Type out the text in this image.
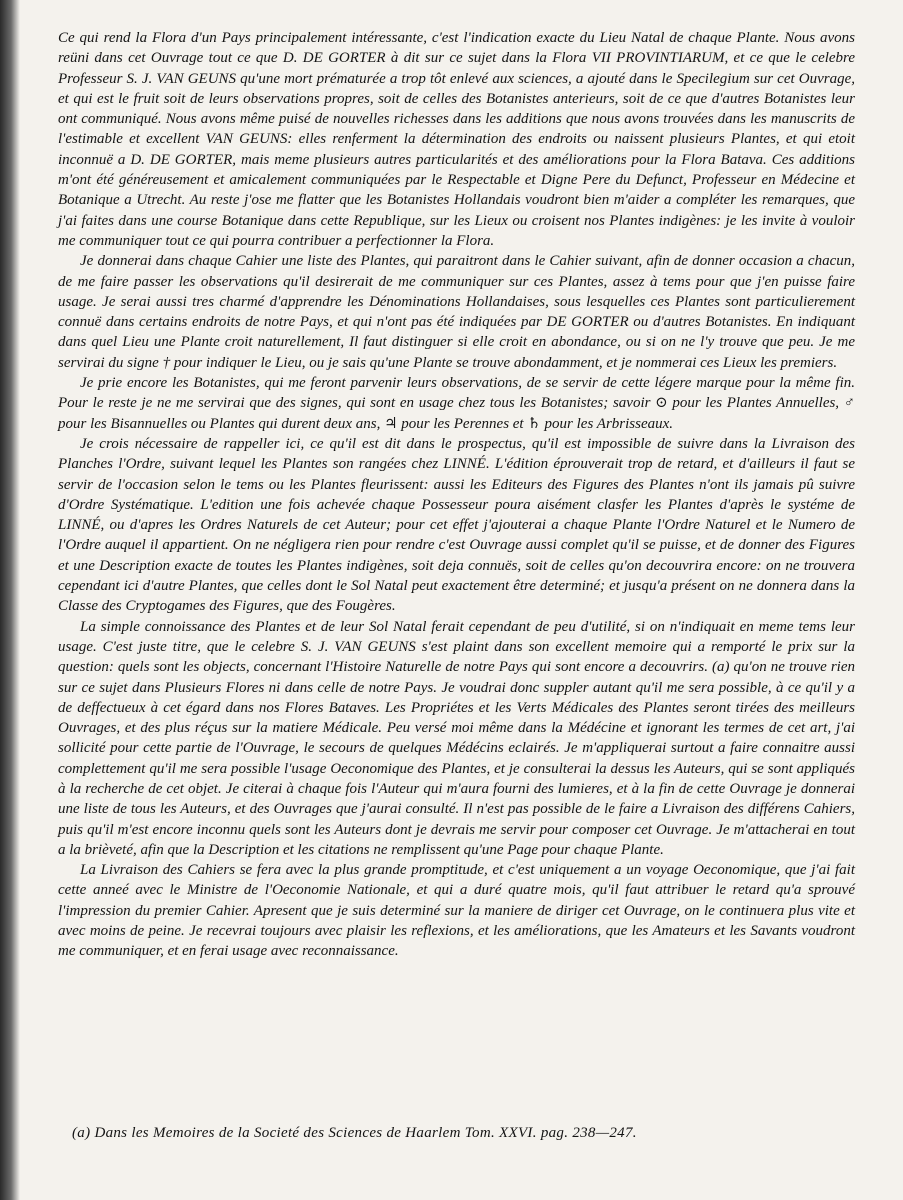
Ce qui rend la Flora d'un Pays principalement intéressante, c'est l'indication exacte du Lieu Natal de chaque Plante. Nous avons reüni dans cet Ouvrage tout ce que D. DE GORTER à dit sur ce sujet dans la Flora VII PROVINTIARUM, et ce que le celebre Professeur S. J. VAN GEUNS qu'une mort prématurée a trop tôt enlevé aux sciences, a ajouté dans le Specilegium sur cet Ouvrage, et qui est le fruit soit de leurs observations propres, soit de celles des Botanistes anterieurs, soit de ce que d'autres Botanistes leur ont communiqué. Nous avons même puisé de nouvelles richesses dans les additions que nous avons trouvées dans les manuscrits de l'estimable et excellent VAN GEUNS: elles renferment la détermination des endroits ou naissent plusieurs Plantes, et qui etoit inconnuë a D. DE GORTER, mais meme plusieurs autres particularités et des améliorations pour la Flora Batava. Ces additions m'ont été généreusement et amicalement communiquées par le Respectable et Digne Pere du Defunct, Professeur en Médecine et Botanique a Utrecht. Au reste j'ose me flatter que les Botanistes Hollandais voudront bien m'aider a compléter les remarques, que j'ai faites dans une course Botanique dans cette Republique, sur les Lieux ou croisent nos Plantes indigènes: je les invite à vouloir me communiquer tout ce qui pourra contribuer a perfectionner la Flora.

Je donnerai dans chaque Cahier une liste des Plantes, qui paraitront dans le Cahier suivant, afin de donner occasion a chacun, de me faire passer les observations qu'il desirerait de me communiquer sur ces Plantes, assez à tems pour que j'en puisse faire usage. Je serai aussi tres charmé d'apprendre les Dénominations Hollandaises, sous lesquelles ces Plantes sont particulierement connuë dans certains endroits de notre Pays, et qui n'ont pas été indiquées par DE GORTER ou d'autres Botanistes. En indiquant dans quel Lieu une Plante croit naturellement, Il faut distinguer si elle croit en abondance, ou si on ne l'y trouve que peu. Je me servirai du signe † pour indiquer le Lieu, ou je sais qu'une Plante se trouve abondamment, et je nommerai ces Lieux les premiers.

Je prie encore les Botanistes, qui me feront parvenir leurs observations, de se servir de cette légere marque pour la même fin. Pour le reste je ne me servirai que des signes, qui sont en usage chez tous les Botanistes; savoir ⊙ pour les Plantes Annuelles, ♂ pour les Bisannuelles ou Plantes qui durent deux ans, ♃ pour les Perennes et ♄ pour les Arbrisseaux.

Je crois nécessaire de rappeller ici, ce qu'il est dit dans le prospectus, qu'il est impossible de suivre dans la Livraison des Planches l'Ordre, suivant lequel les Plantes son rangées chez LINNÉ. L'édition éprouverait trop de retard, et d'ailleurs il faut se servir de l'occasion selon le tems ou les Plantes fleurissent: aussi les Editeurs des Figures des Plantes n'ont ils jamais pû suivre d'Ordre Systématique. L'edition une fois achevée chaque Possesseur poura aisément clasfer les Plantes d'après le systéme de LINNÉ, ou d'apres les Ordres Naturels de cet Auteur; pour cet effet j'ajouterai a chaque Plante l'Ordre Naturel et le Numero de l'Ordre auquel il appartient. On ne négligera rien pour rendre c'est Ouvrage aussi complet qu'il se puisse, et de donner des Figures et une Description exacte de toutes les Plantes indigènes, soit deja connuës, soit de celles qu'on decouvrira encore: on ne trouvera cependant ici d'autre Plantes, que celles dont le Sol Natal peut exactement être determiné; et jusqu'a présent on ne donnera dans la Classe des Cryptogames des Figures, que des Fougères.

La simple connoissance des Plantes et de leur Sol Natal ferait cependant de peu d'utilité, si on n'indiquait en meme tems leur usage. C'est juste titre, que le celebre S. J. VAN GEUNS s'est plaint dans son excellent memoire qui a remporté le prix sur la question: quels sont les objects, concernant l'Histoire Naturelle de notre Pays qui sont encore a decouvrirs. (a) qu'on ne trouve rien sur ce sujet dans Plusieurs Flores ni dans celle de notre Pays. Je voudrai donc suppler autant qu'il me sera possible, à ce qu'il y a de deffectueux à cet égard dans nos Flores Bataves. Les Propriétes et les Verts Médicales des Plantes seront tirées des meilleurs Ouvrages, et des plus réçus sur la matiere Médicale. Peu versé moi même dans la Médécine et ignorant les termes de cet art, j'ai sollicité pour cette partie de l'Ouvrage, le secours de quelques Médécins eclairés. Je m'appliquerai surtout a faire connaitre aussi complettement qu'il me sera possible l'usage Oeconomique des Plantes, et je consulterai la dessus les Auteurs, qui se sont appliqués à la recherche de cet objet. Je citerai à chaque fois l'Auteur qui m'aura fourni des lumieres, et à la fin de cette Ouvrage je donnerai une liste de tous les Auteurs, et des Ouvrages que j'aurai consulté. Il n'est pas possible de le faire a Livraison des différens Cahiers, puis qu'il m'est encore inconnu quels sont les Auteurs dont je devrais me servir pour composer cet Ouvrage. Je m'attacherai en tout a la brièveté, afin que la Description et les citations ne remplissent qu'une Page pour chaque Plante.

La Livraison des Cahiers se fera avec la plus grande promptitude, et c'est uniquement a un voyage Oeconomique, que j'ai fait cette anneé avec le Ministre de l'Oeconomie Nationale, et qui a duré quatre mois, qu'il faut attribuer le retard qu'a sprouvé l'impression du premier Cahier. Apresent que je suis determiné sur la maniere de diriger cet Ouvrage, on le continuera plus vite et avec moins de peine. Je recevrai toujours avec plaisir les reflexions, et les améliorations, que les Amateurs et les Savants voudront me communiquer, et en ferai usage avec reconnaissance.

(a) Dans les Memoires de la Societé des Sciences de Haarlem Tom. XXVI. pag. 238—247.
